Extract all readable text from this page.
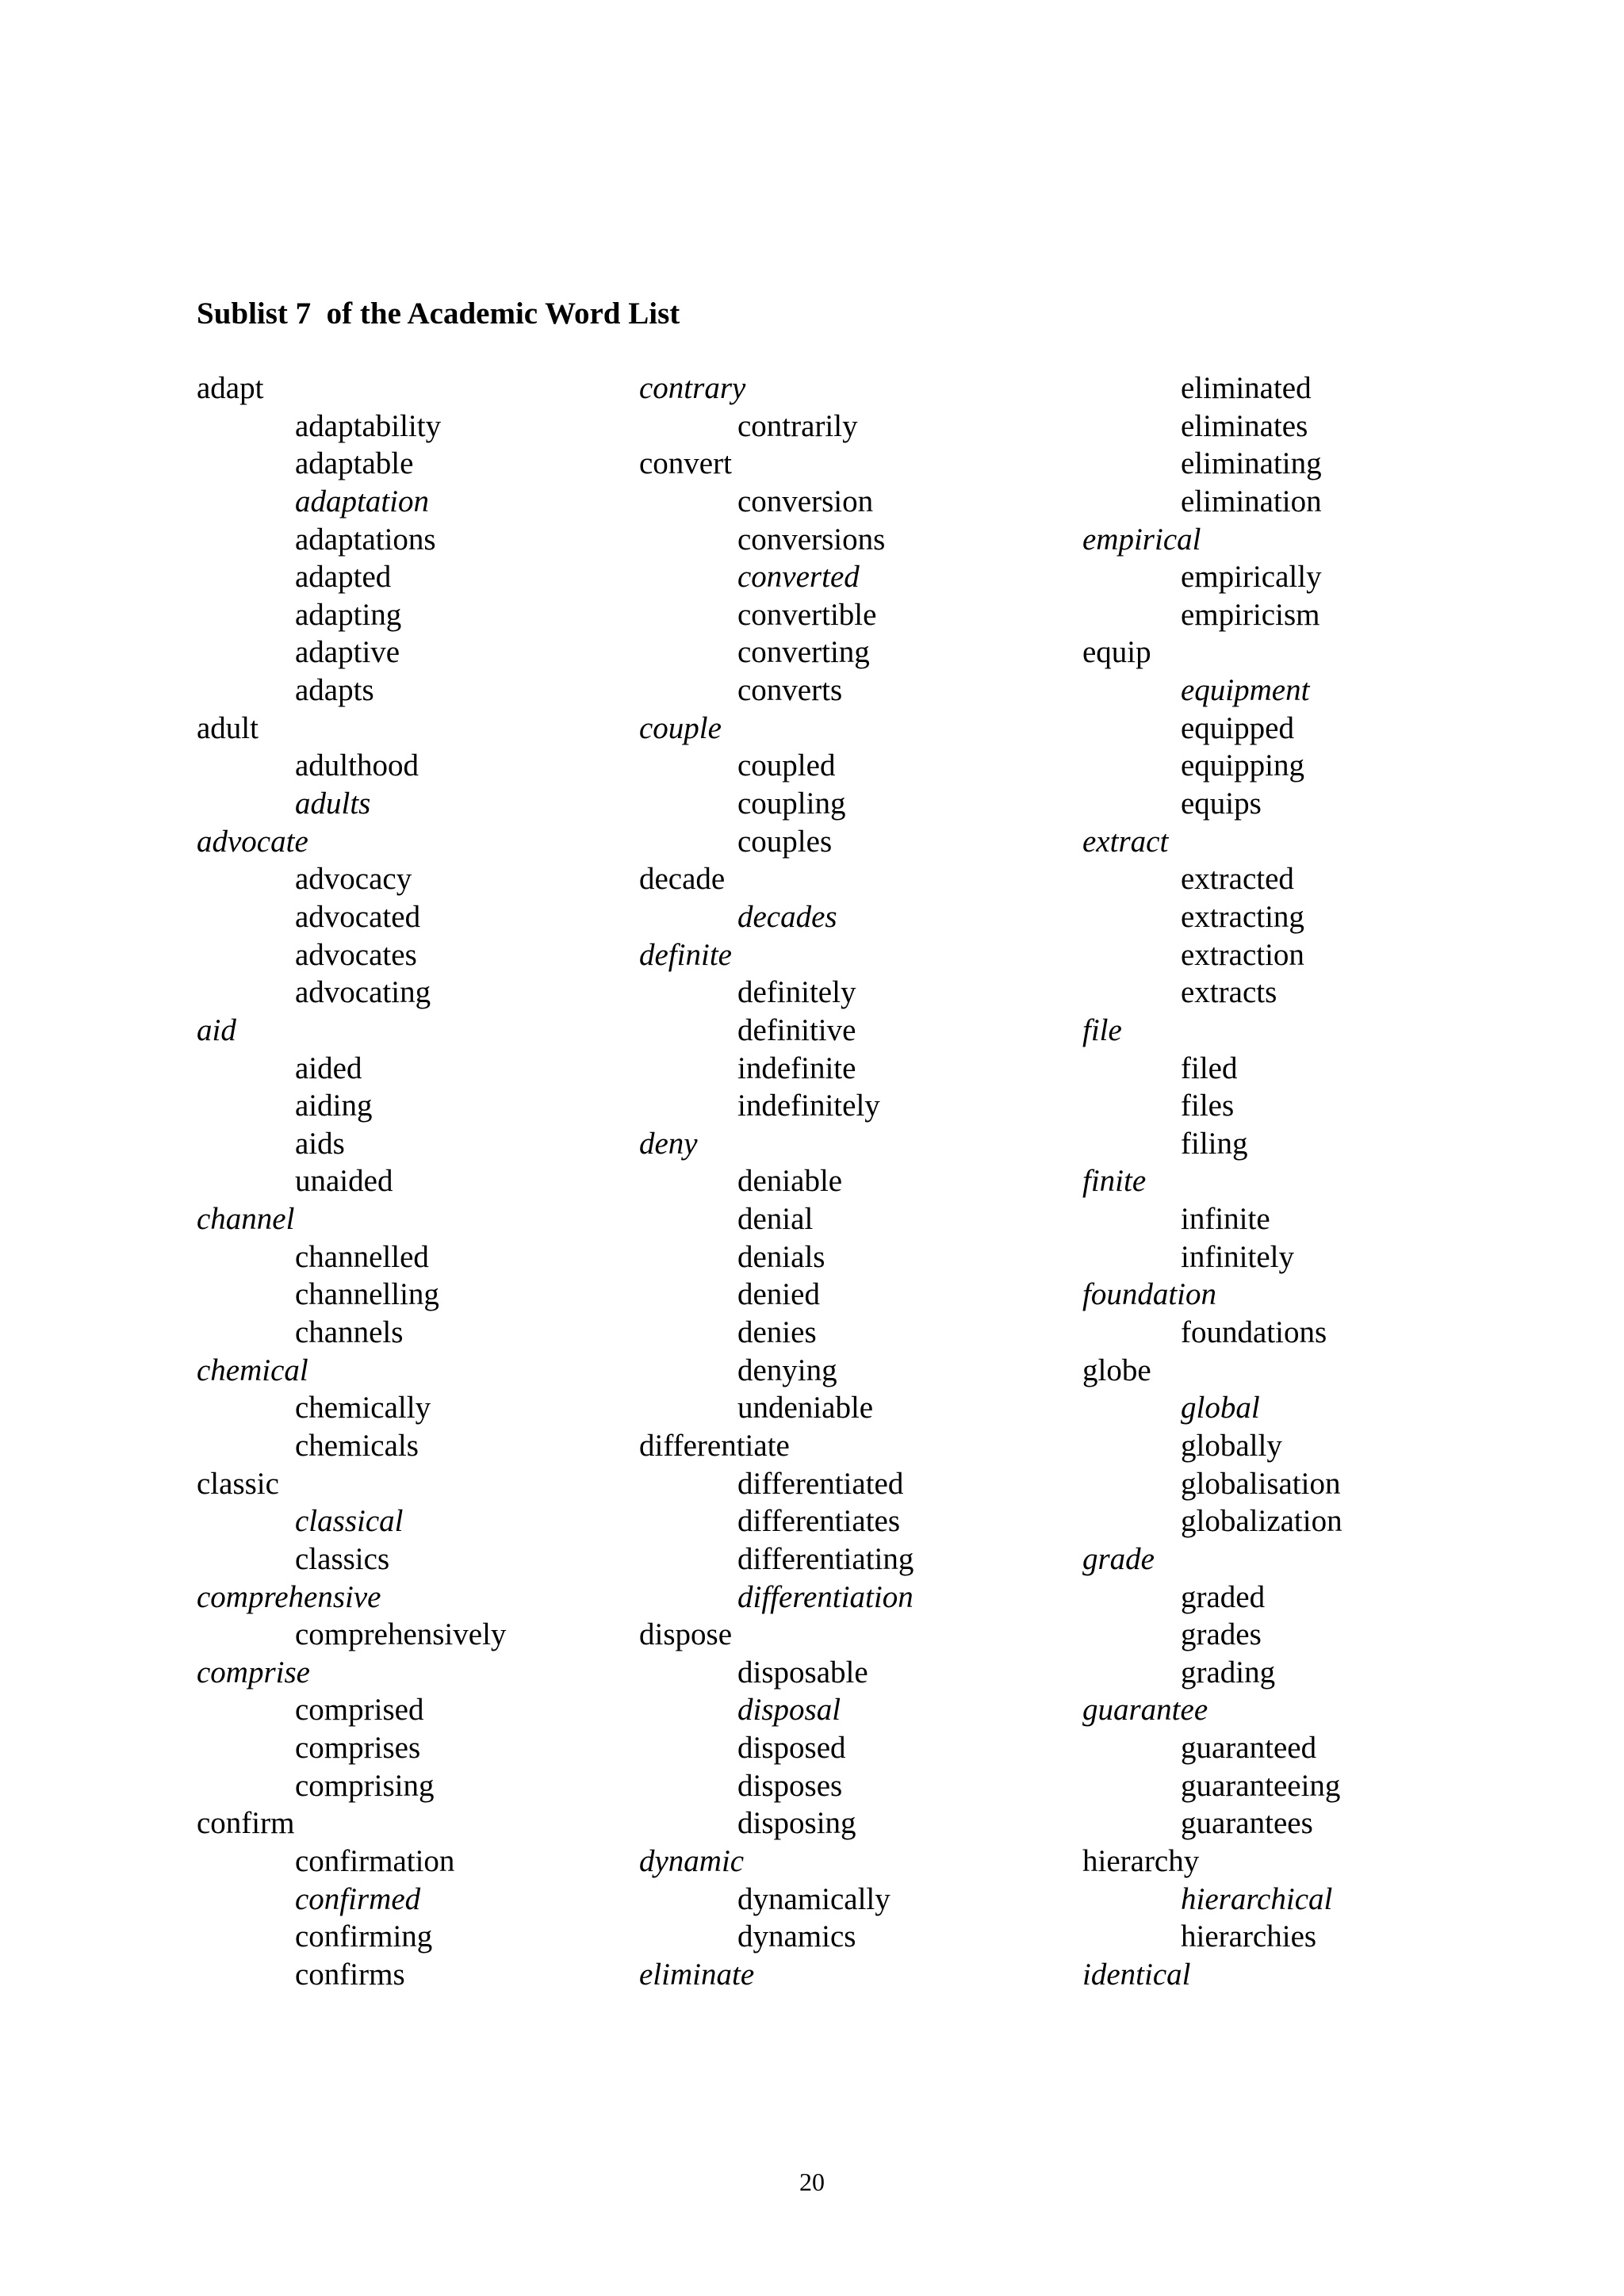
Sublist 7  of the Academic Word List
adapt
adaptability
adaptable
adaptation
adaptations
adapted
adapting
adaptive
adapts
adult
adulthood
adults
advocate
advocacy
advocated
advocates
advocating
aid
aided
aiding
aids
unaided
channel
channelled
channelling
channels
chemical
chemically
chemicals
classic
classical
classics
comprehensive
comprehensively
comprise
comprised
comprises
comprising
confirm
confirmation
confirmed
confirming
confirms
contrary
contrarily
convert
conversion
conversions
converted
convertible
converting
converts
couple
coupled
coupling
couples
decade
decades
definite
definitely
definitive
indefinite
indefinitely
deny
deniable
denial
denials
denied
denies
denying
undeniable
differentiate
differentiated
differentiates
differentiating
differentiation
dispose
disposable
disposal
disposed
disposes
disposing
dynamic
dynamically
dynamics
eliminate
eliminated
eliminates
eliminating
elimination
empirical
empirically
empiricism
equip
equipment
equipped
equipping
equips
extract
extracted
extracting
extraction
extracts
file
filed
files
filing
finite
infinite
infinitely
foundation
foundations
globe
global
globally
globalisation
globalization
grade
graded
grades
grading
guarantee
guaranteed
guaranteeing
guarantees
hierarchy
hierarchical
hierarchies
identical
20
